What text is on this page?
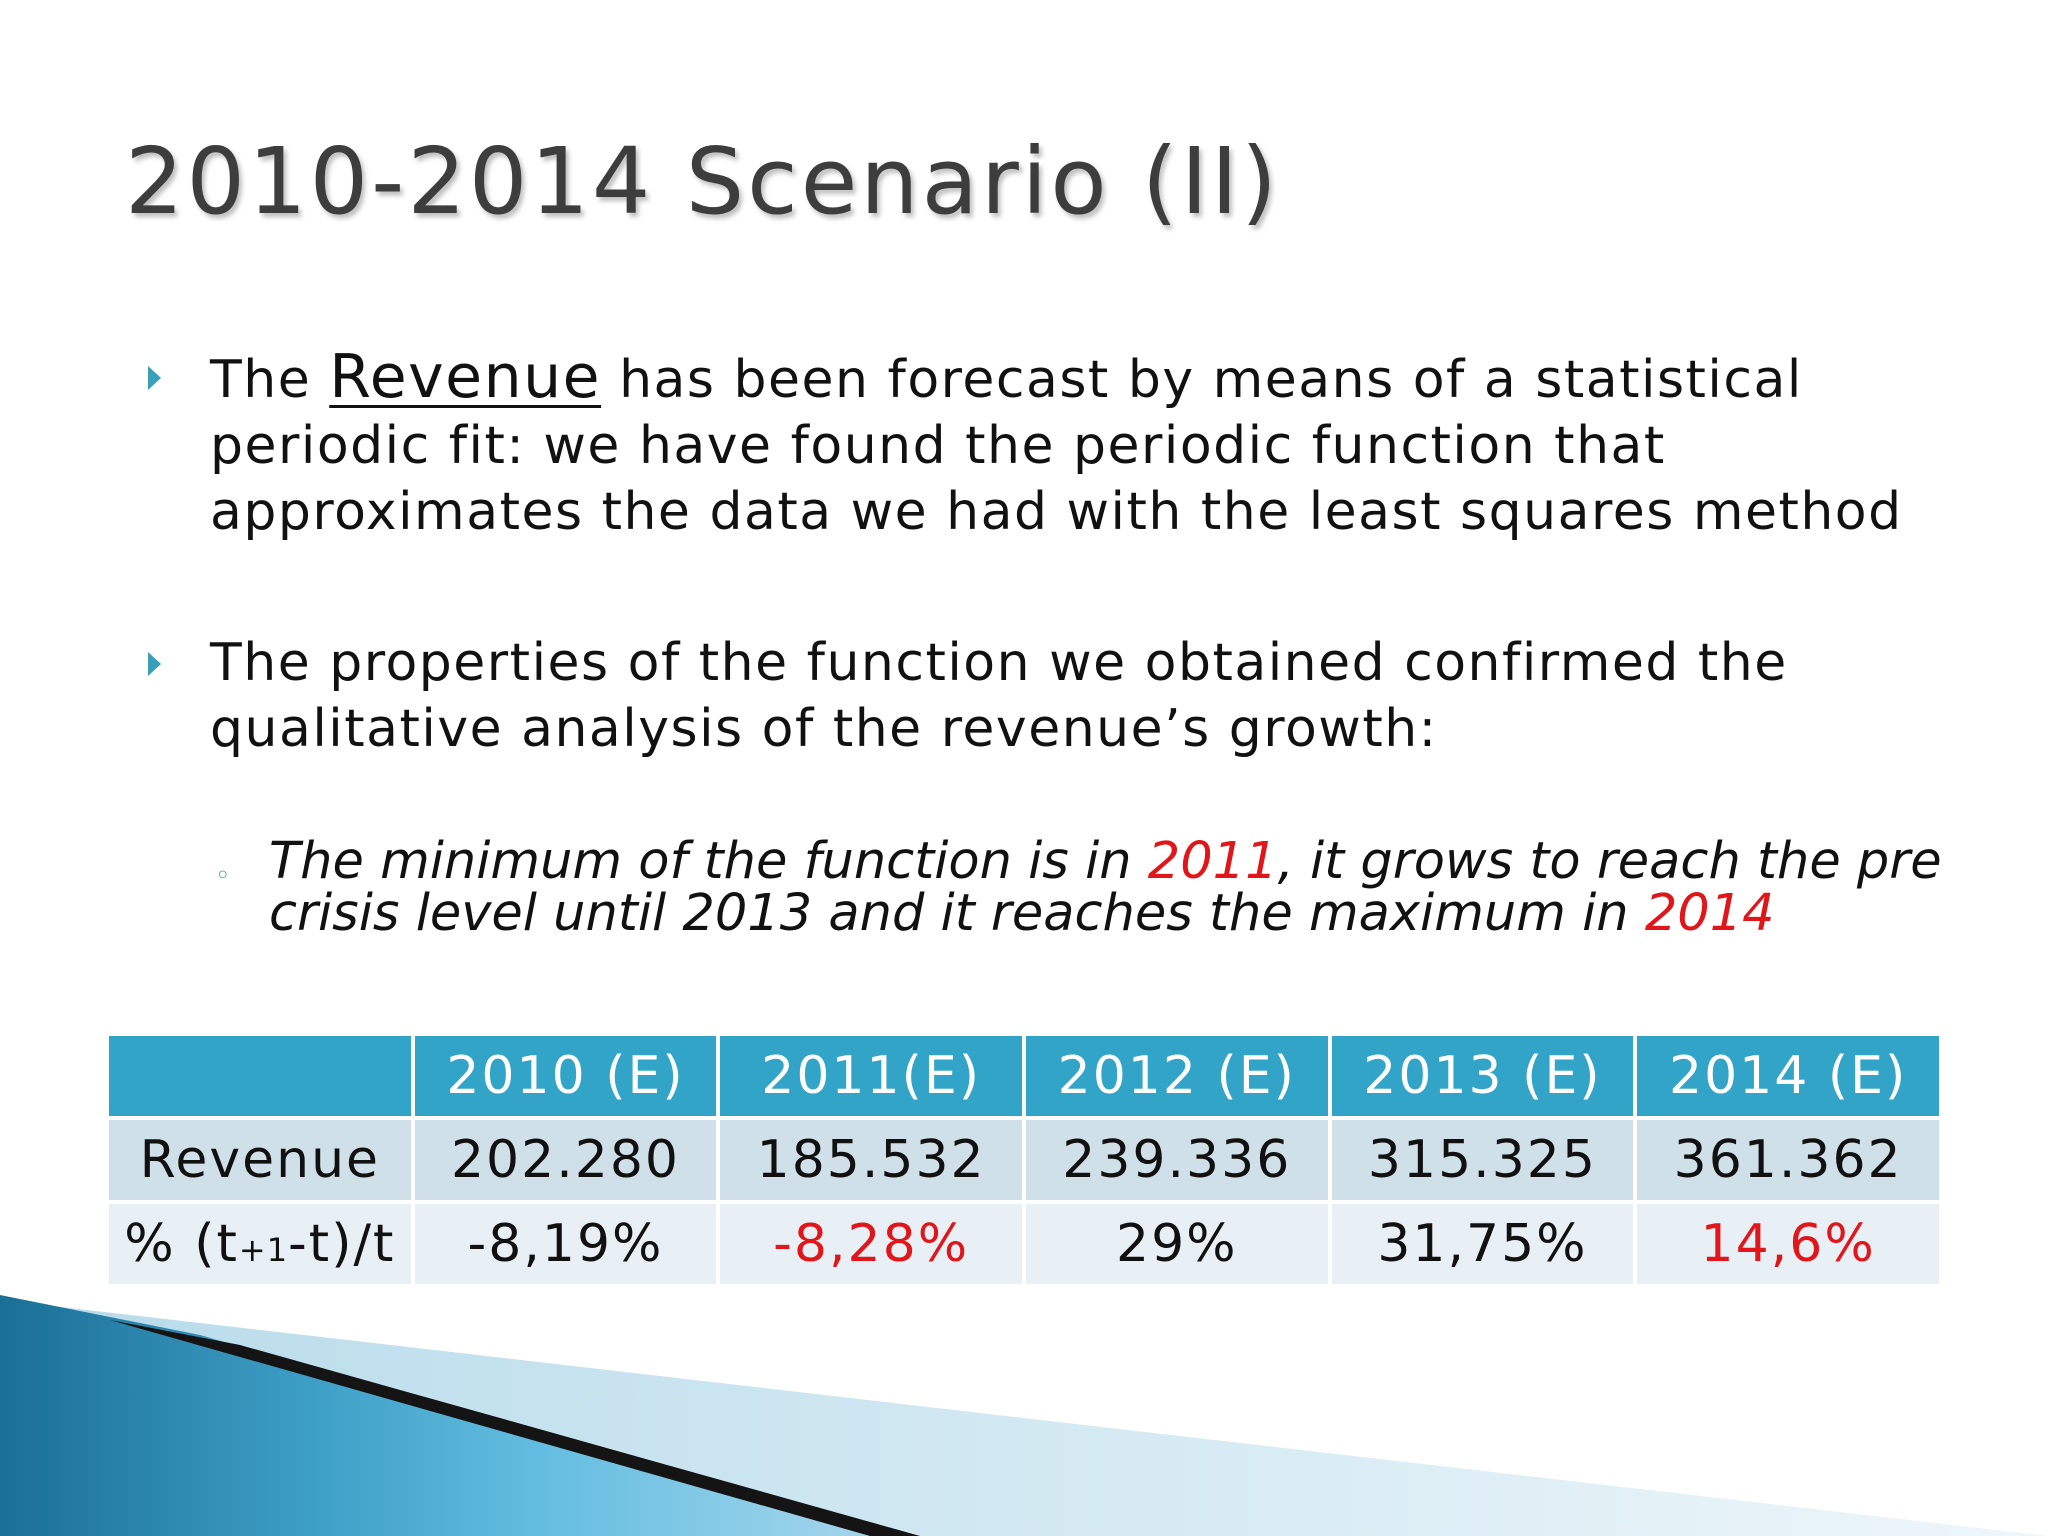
2010-2014 Scenario (II)
The Revenue has been forecast by means of a statistical periodic fit: we have found the periodic function that approximates the data we had with the least squares method
The properties of the function we obtained confirmed the qualitative analysis of the revenue’s growth:
◦ The minimum of the function is in 2011, it grows to reach the pre crisis level until 2013 and it reaches the maximum in 2014
	2010 (E)	2011(E)	2012 (E)	2013 (E)	2014 (E)
Revenue	202.280	185.532	239.336	315.325	361.362
% (t+1-t)/t	-8,19%	-8,28%	29%	31,75%	14,6%
